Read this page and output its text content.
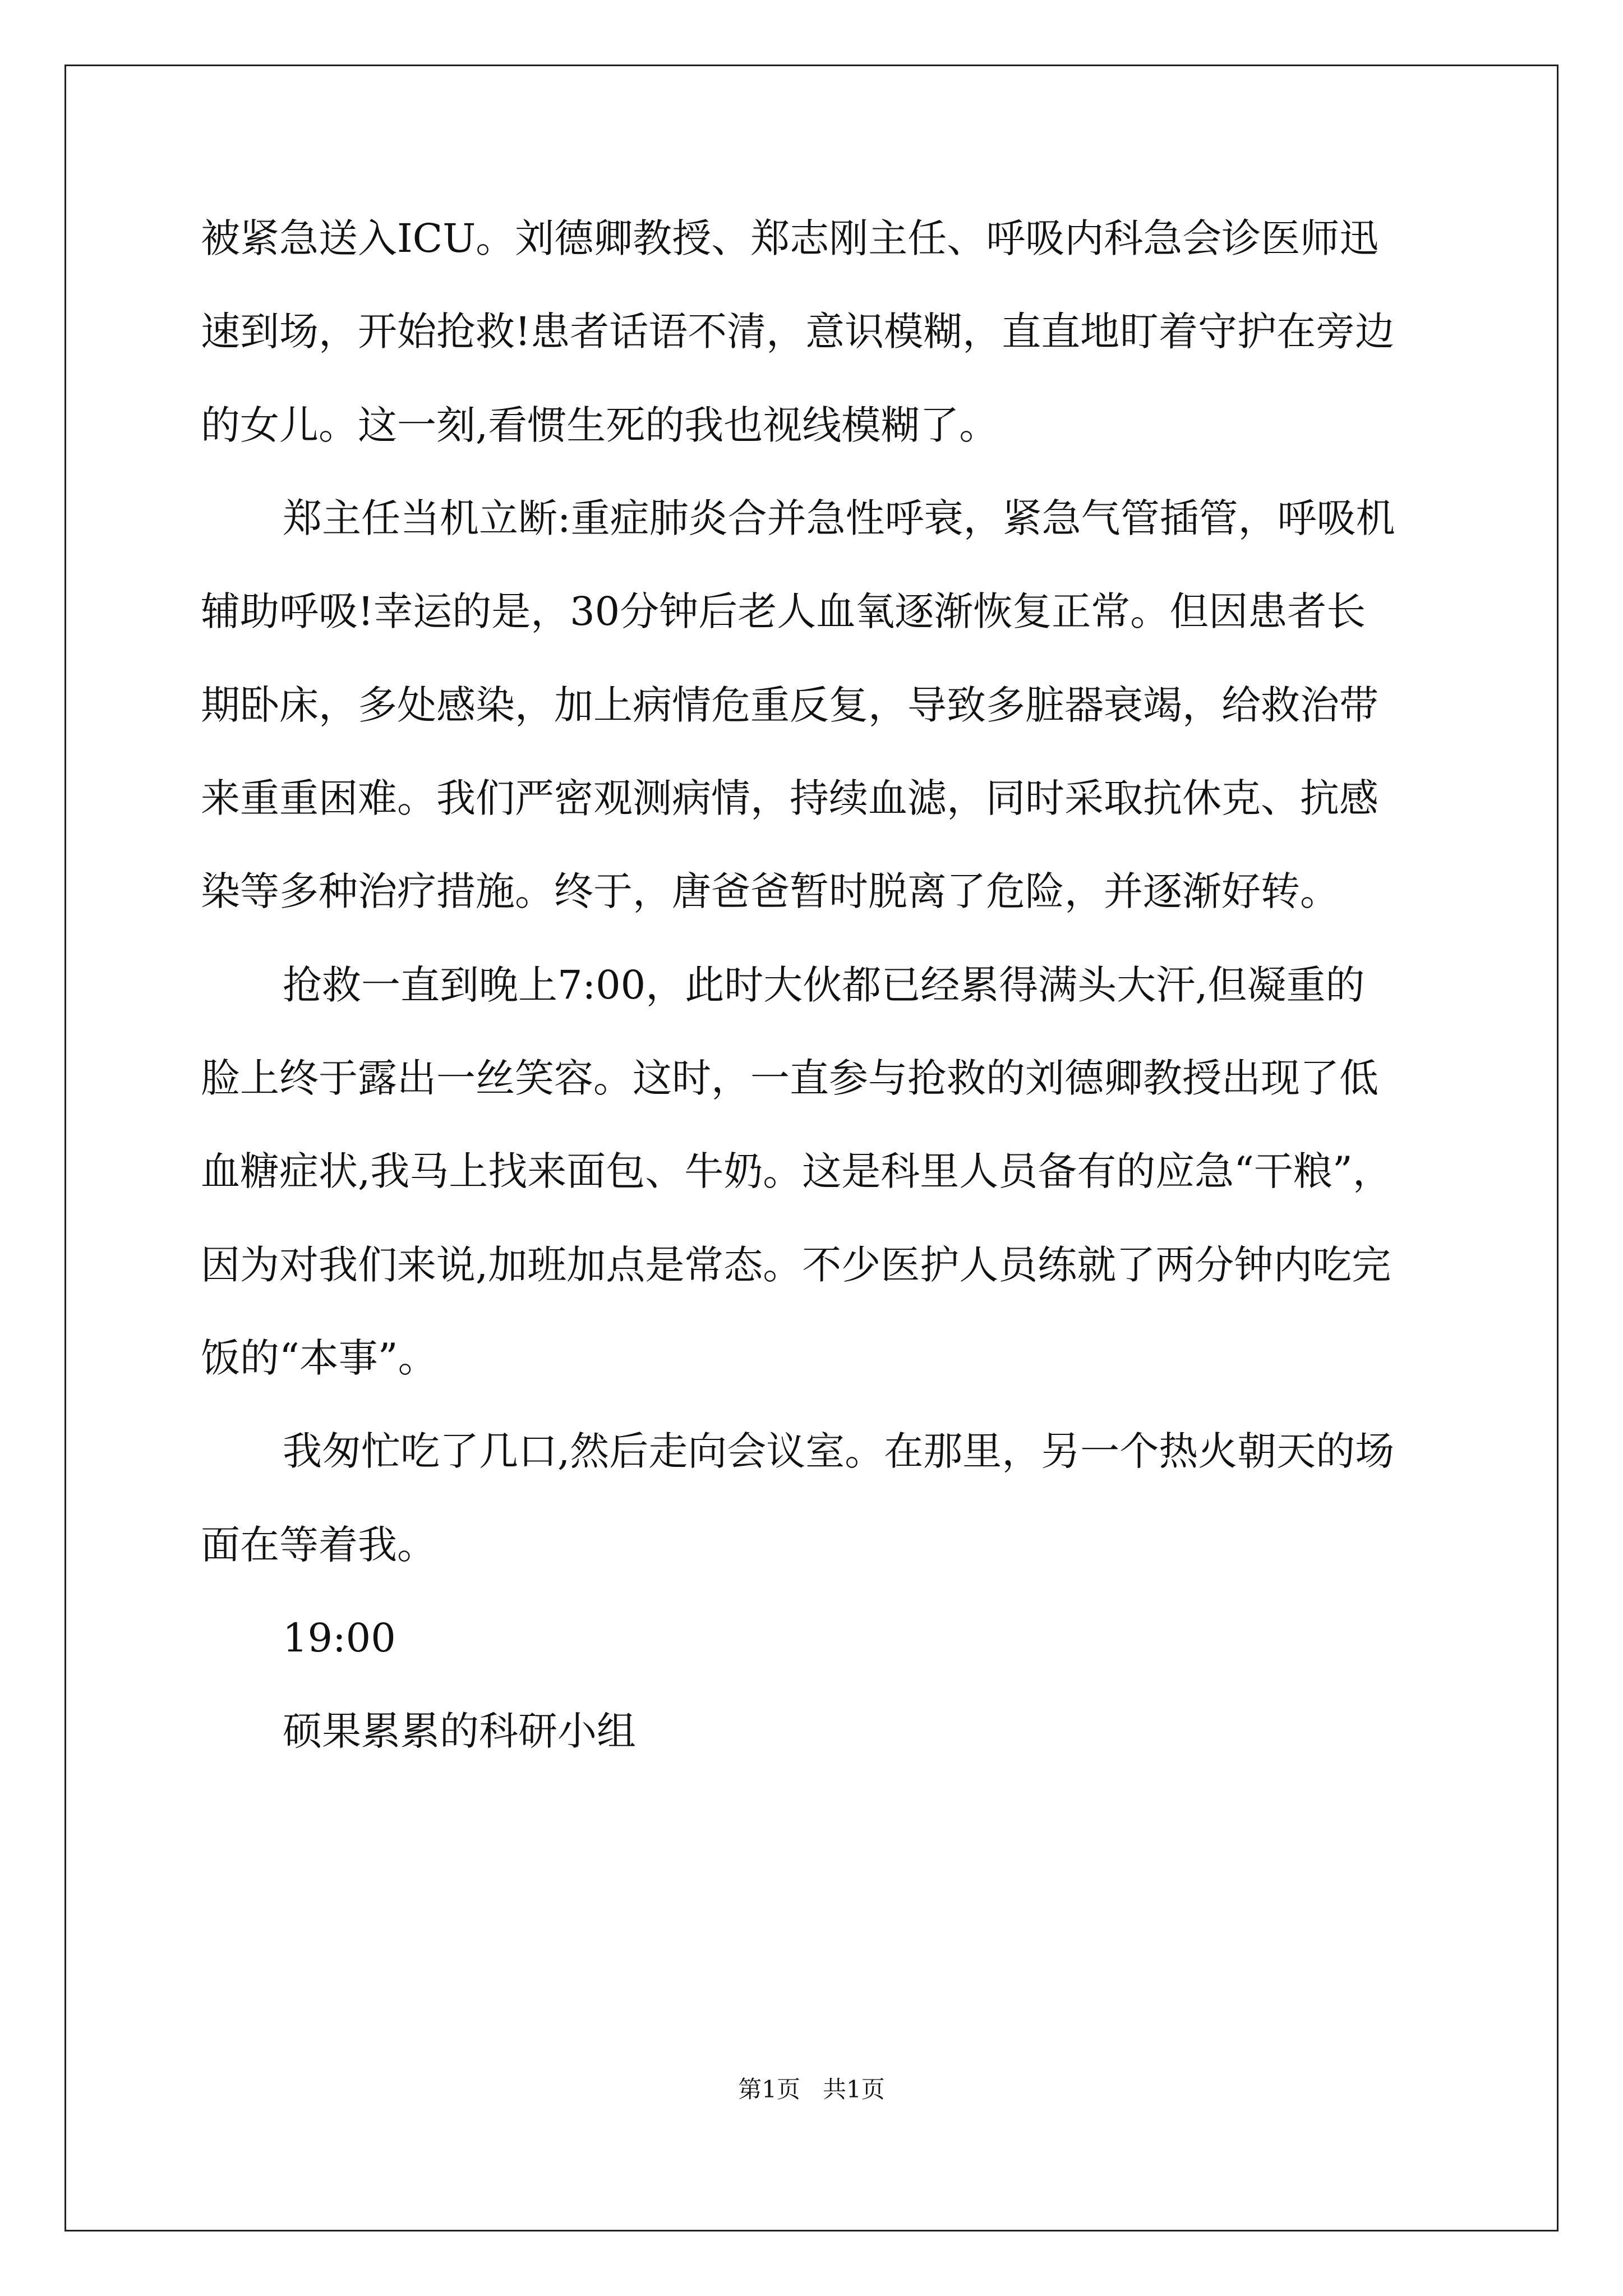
被紧急送入ICU。刘德卿教授、郑志刚主任、呼吸内科急会诊医师迅
速到场，开始抢救!患者话语不清，意识模糊，直直地盯着守护在旁边
的女儿。这一刻,看惯生死的我也视线模糊了。
郑主任当机立断:重症肺炎合并急性呼衰，紧急气管插管，呼吸机
辅助呼吸!幸运的是，30分钟后老人血氧逐渐恢复正常。但因患者长
期卧床，多处感染，加上病情危重反复，导致多脏器衰竭，给救治带
来重重困难。我们严密观测病情，持续血滤，同时采取抗休克、抗感
染等多种治疗措施。终于，唐爸爸暂时脱离了危险，并逐渐好转。
抢救一直到晚上7:00，此时大伙都已经累得满头大汗,但凝重的
脸上终于露出一丝笑容。这时，一直参与抢救的刘德卿教授出现了低
血糖症状,我马上找来面包、牛奶。这是科里人员备有的应急“干粮”，
因为对我们来说,加班加点是常态。不少医护人员练就了两分钟内吃完
饭的“本事”。
我匆忙吃了几口,然后走向会议室。在那里，另一个热火朝天的场
面在等着我。
19:00
硕果累累的科研小组
第1页   共1页
